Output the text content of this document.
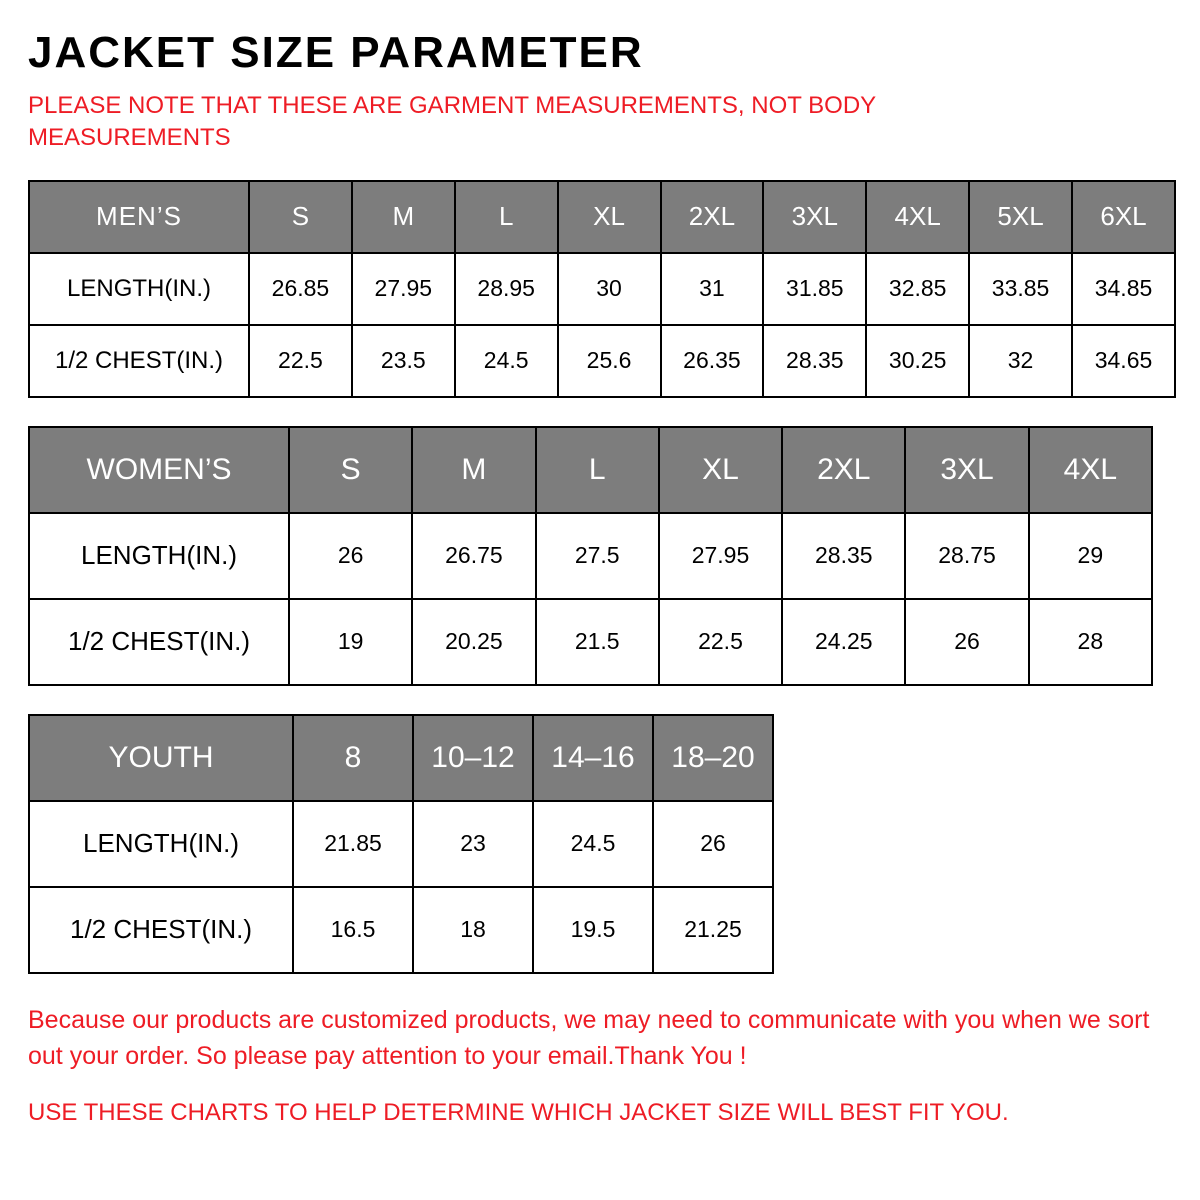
JACKET SIZE PARAMETER

PLEASE NOTE THAT THESE ARE GARMENT MEASUREMENTS, NOT BODY MEASUREMENTS

MEN’S	S	M	L	XL	2XL	3XL	4XL	5XL	6XL
LENGTH(IN.)	26.85	27.95	28.95	30	31	31.85	32.85	33.85	34.85
1/2 CHEST(IN.)	22.5	23.5	24.5	25.6	26.35	28.35	30.25	32	34.65
WOMEN’S	S	M	L	XL	2XL	3XL	4XL
LENGTH(IN.)	26	26.75	27.5	27.95	28.35	28.75	29
1/2 CHEST(IN.)	19	20.25	21.5	22.5	24.25	26	28
YOUTH	8	10–12	14–16	18–20
LENGTH(IN.)	21.85	23	24.5	26
1/2 CHEST(IN.)	16.5	18	19.5	21.25
Because our products are customized products, we may need to communicate with you when we sort out your order. So please pay attention to your email.Thank You !
USE THESE CHARTS TO HELP DETERMINE WHICH JACKET SIZE WILL BEST FIT YOU.
